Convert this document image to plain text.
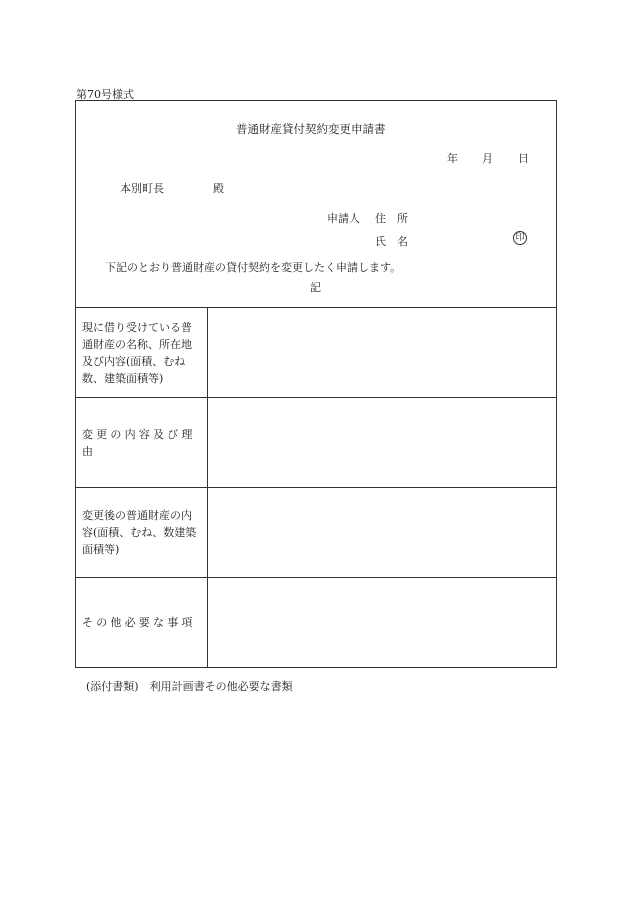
第70号様式
普通財産貸付契約変更申請書
年 月 日
本別町長	殿
申請人 住　所
氏　名	印
下記のとおり普通財産の貸付契約を変更したく申請します。
記
現に借り受けている普通財産の名称、所在地及び内容(面積、むね数、建築面積等)
変更の内容及び理由
変更後の普通財産の内容(面積、むね、数建築面積等)
その他必要な事項
(添付書類)　利用計画書その他必要な書類
